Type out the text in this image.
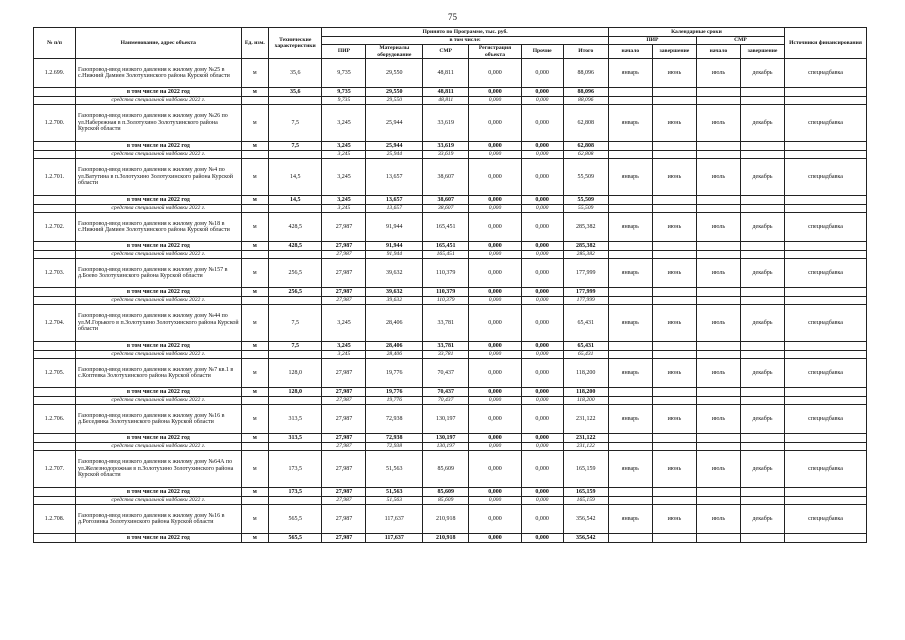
75
№ п/п	Наименование, адрес объекта	Ед. изм.	Технические характеристики	Принято по Программе, тыс. руб.						Календарные сроки				Источники финансирования
				в том числе:						ПИР		СМР		
				ПИР	Материалы оборудование	СМР	Регистрация объекта	Прочие	Итого	начало	завершение	начало	завершение	
1.2.699.	Газопровод-ввод низкого давления к жилому дому №25 в с.Нижний Дамиен Золотухинского района Курской области	м	35,6	9,735	29,550	48,811	0,000	0,000	88,096	январь	июнь	июль	декабрь	спецнадбавка
	в том числе на 2022 год	м	35,6	9,735	29,550	48,811	0,000	0,000	88,096					
	средства специальной надбавки 2022 г.			9,735	29,550	48,811	0,000	0,000	88,096					
1.2.700.	Газопровод-ввод низкого давления к жилому дому №26 по ул.Набережная в п.Золотухино Золотухинского района Курской области	м	7,5	3,245	25,944	33,619	0,000	0,000	62,808	январь	июнь	июль	декабрь	спецнадбавка
	в том числе на 2022 год	м	7,5	3,245	25,944	33,619	0,000	0,000	62,808					
	средства специальной надбавки 2022 г.			3,245	25,944	33,619	0,000	0,000	62,808					
1.2.701.	Газопровод-ввод низкого давления к жилому дому №4 по ул.Ватутина в п.Золотухино Золотухинского района Курской области	м	14,5	3,245	13,657	38,607	0,000	0,000	55,509	январь	июнь	июль	декабрь	спецнадбавка
	в том числе на 2022 год	м	14,5	3,245	13,657	38,607	0,000	0,000	55,509					
	средства специальной надбавки 2022 г.			3,245	13,657	38,607	0,000	0,000	55,509					
1.2.702.	Газопровод-ввод низкого давления к жилому дому №18 в с.Нижний Дамиен Золотухинского района Курской области	м	428,5	27,987	91,944	165,451	0,000	0,000	285,382	январь	июнь	июль	декабрь	спецнадбавка
	в том числе на 2022 год	м	428,5	27,987	91,944	165,451	0,000	0,000	285,382					
	средства специальной надбавки 2022 г.			27,987	91,944	165,451	0,000	0,000	285,382					
1.2.703.	Газопровод-ввод низкого давления к жилому дому №157 в д.Боево Золотухинского района Курской области	м	256,5	27,987	39,632	110,379	0,000	0,000	177,999	январь	июнь	июль	декабрь	спецнадбавка
	в том числе на 2022 год	м	256,5	27,987	39,632	110,379	0,000	0,000	177,999					
	средства специальной надбавки 2022 г.			27,987	39,632	110,379	0,000	0,000	177,999					
1.2.704.	Газопровод-ввод низкого давления к жилому дому №44 по ул.М.Горького в п.Золотухино Золотухинского района Курской области	м	7,5	3,245	28,406	33,781	0,000	0,000	65,431	январь	июнь	июль	декабрь	спецнадбавка
	в том числе на 2022 год	м	7,5	3,245	28,406	33,781	0,000	0,000	65,431					
	средства специальной надбавки 2022 г.			3,245	28,406	33,781	0,000	0,000	65,431					
1.2.705.	Газопровод-ввод низкого давления к жилому дому №7 кв.1 в с.Коптевка Золотухинского района Курской области	м	128,0	27,987	19,776	70,437	0,000	0,000	118,200	январь	июнь	июль	декабрь	спецнадбавка
	в том числе на 2022 год	м	128,0	27,987	19,776	70,437	0,000	0,000	118,200					
	средства специальной надбавки 2022 г.			27,987	19,776	70,437	0,000	0,000	118,200					
1.2.706.	Газопровод-ввод низкого давления к жилому дому №16 в д.Беседянка Золотухинского района Курской области	м	313,5	27,987	72,938	130,197	0,000	0,000	231,122	январь	июнь	июль	декабрь	спецнадбавка
	в том числе на 2022 год	м	313,5	27,987	72,938	130,197	0,000	0,000	231,122					
	средства специальной надбавки 2022 г.			27,987	72,938	130,197	0,000	0,000	231,122					
1.2.707.	Газопровод-ввод низкого давления к жилому дому №64А по ул.Железнодорожная в п.Золотухино Золотухинского района Курской области	м	173,5	27,987	51,563	85,609	0,000	0,000	165,159	январь	июнь	июль	декабрь	спецнадбавка
	в том числе на 2022 год	м	173,5	27,987	51,563	85,609	0,000	0,000	165,159					
	средства специальной надбавки 2022 г.			27,987	51,563	85,609	0,000	0,000	165,159					
1.2.708.	Газопровод-ввод низкого давления к жилому дому №16 в д.Рогозинка Золотухинского района Курской области	м	565,5	27,987	117,637	210,918	0,000	0,000	356,542	январь	июнь	июль	декабрь	спецнадбавка
	в том числе на 2022 год	м	565,5	27,987	117,637	210,918	0,000	0,000	356,542					
